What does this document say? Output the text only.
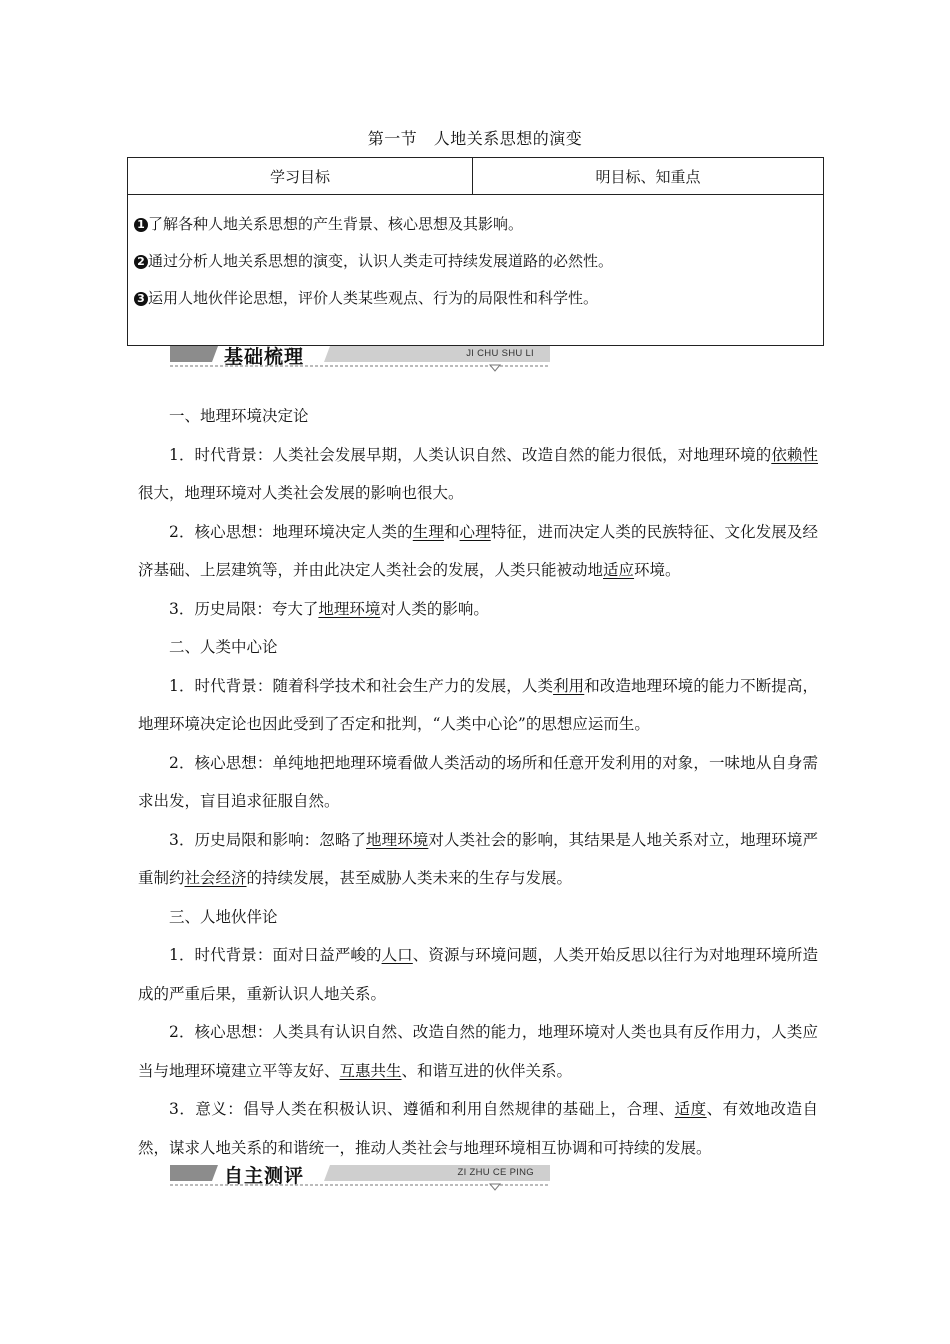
第一节　人地关系思想的演变
学习目标	明目标、知重点

1 了解各种人地关系思想的产生背景、核心思想及其影响。
2 通过分析人地关系思想的演变，认识人类走可持续发展道路的必然性。
3 运用人地伙伴论思想，评价人类某些观点、行为的局限性和科学性。
基础梳理	JI CHU SHU LI

一、地理环境决定论

1．时代背景：人类社会发展早期，人类认识自然、改造自然的能力很低，对地理环境的依赖性很大，地理环境对人类社会发展的影响也很大。

2．核心思想：地理环境决定人类的生理和心理特征，进而决定人类的民族特征、文化发展及经济基础、上层建筑等，并由此决定人类社会的发展，人类只能被动地适应环境。

3．历史局限：夸大了地理环境对人类的影响。

二、人类中心论

1．时代背景：随着科学技术和社会生产力的发展，人类利用和改造地理环境的能力不断提高，地理环境决定论也因此受到了否定和批判，“人类中心论”的思想应运而生。

2．核心思想：单纯地把地理环境看做人类活动的场所和任意开发利用的对象，一味地从自身需求出发，盲目追求征服自然。

3．历史局限和影响：忽略了地理环境对人类社会的影响，其结果是人地关系对立，地理环境严重制约社会经济的持续发展，甚至威胁人类未来的生存与发展。

三、人地伙伴论

1．时代背景：面对日益严峻的人口、资源与环境问题，人类开始反思以往行为对地理环境所造成的严重后果，重新认识人地关系。

2．核心思想：人类具有认识自然、改造自然的能力，地理环境对人类也具有反作用力，人类应当与地理环境建立平等友好、互惠共生、和谐互进的伙伴关系。

3．意义：倡导人类在积极认识、遵循和利用自然规律的基础上，合理、适度、有效地改造自然，谋求人地关系的和谐统一，推动人类社会与地理环境相互协调和可持续的发展。

自主测评	ZI ZHU CE PING
